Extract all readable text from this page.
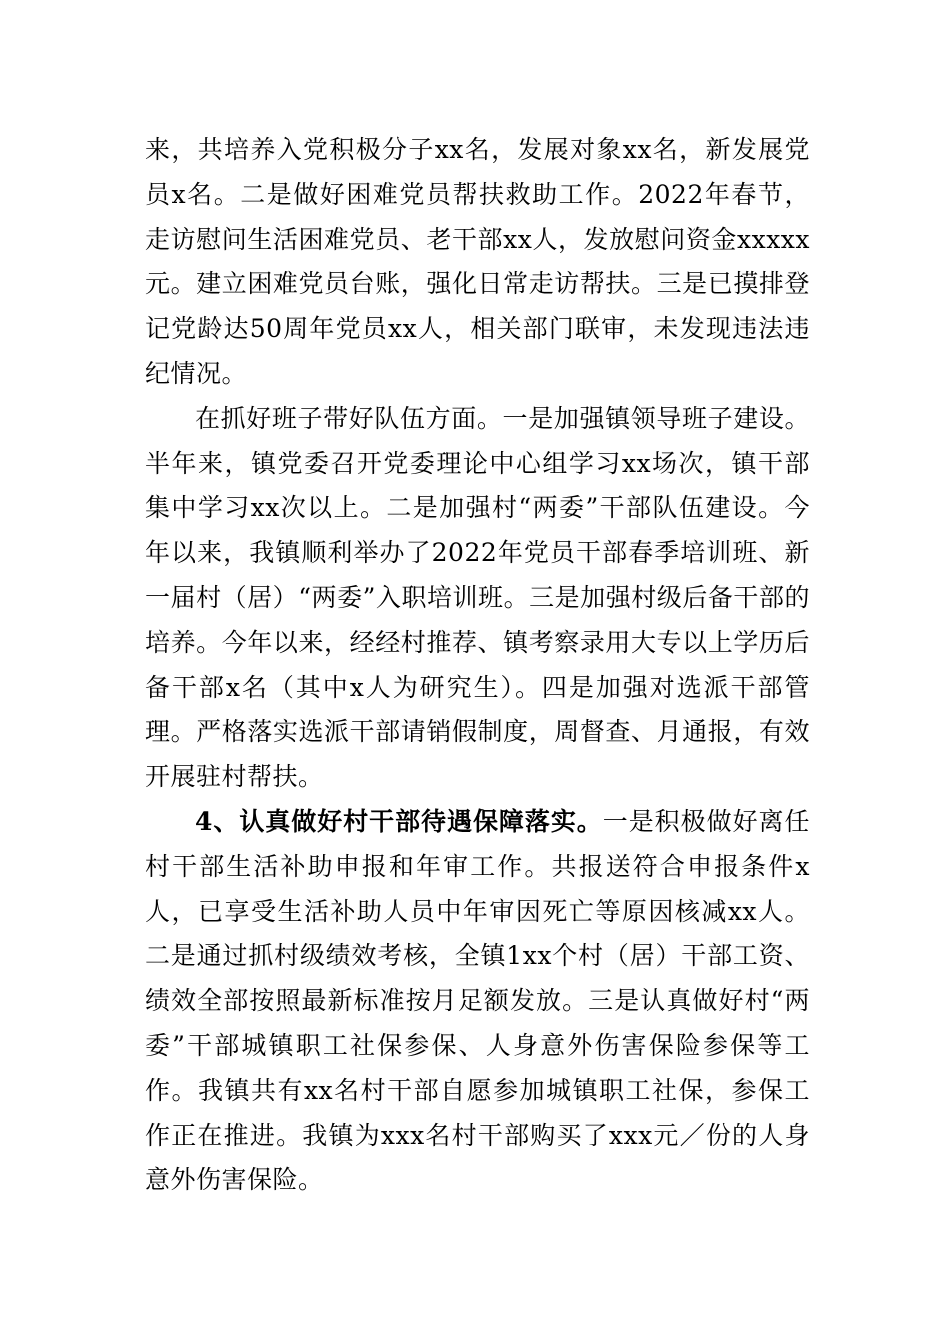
来，共培养入党积极分子xx名，发展对象xx名，新发展党员x名。二是做好困难党员帮扶救助工作。2022年春节，走访慰问生活困难党员、老干部xx人，发放慰问资金xxxxx元。建立困难党员台账，强化日常走访帮扶。三是已摸排登记党龄达50周年党员xx人，相关部门联审，未发现违法违纪情况。

在抓好班子带好队伍方面。一是加强镇领导班子建设。半年来，镇党委召开党委理论中心组学习xx场次，镇干部集中学习xx次以上。二是加强村“两委”干部队伍建设。今年以来，我镇顺利举办了2022年党员干部春季培训班、新一届村（居）“两委”入职培训班。三是加强村级后备干部的培养。今年以来，经经村推荐、镇考察录用大专以上学历后备干部x名（其中x人为研究生）。四是加强对选派干部管理。严格落实选派干部请销假制度，周督查、月通报，有效开展驻村帮扶。

4、认真做好村干部待遇保障落实。一是积极做好离任村干部生活补助申报和年审工作。共报送符合申报条件x人，已享受生活补助人员中年审因死亡等原因核减xx人。二是通过抓村级绩效考核，全镇1xx个村（居）干部工资、绩效全部按照最新标准按月足额发放。三是认真做好村“两委”干部城镇职工社保参保、人身意外伤害保险参保等工作。我镇共有xx名村干部自愿参加城镇职工社保，参保工作正在推进。我镇为xxx名村干部购买了xxx元／份的人身意外伤害保险。
